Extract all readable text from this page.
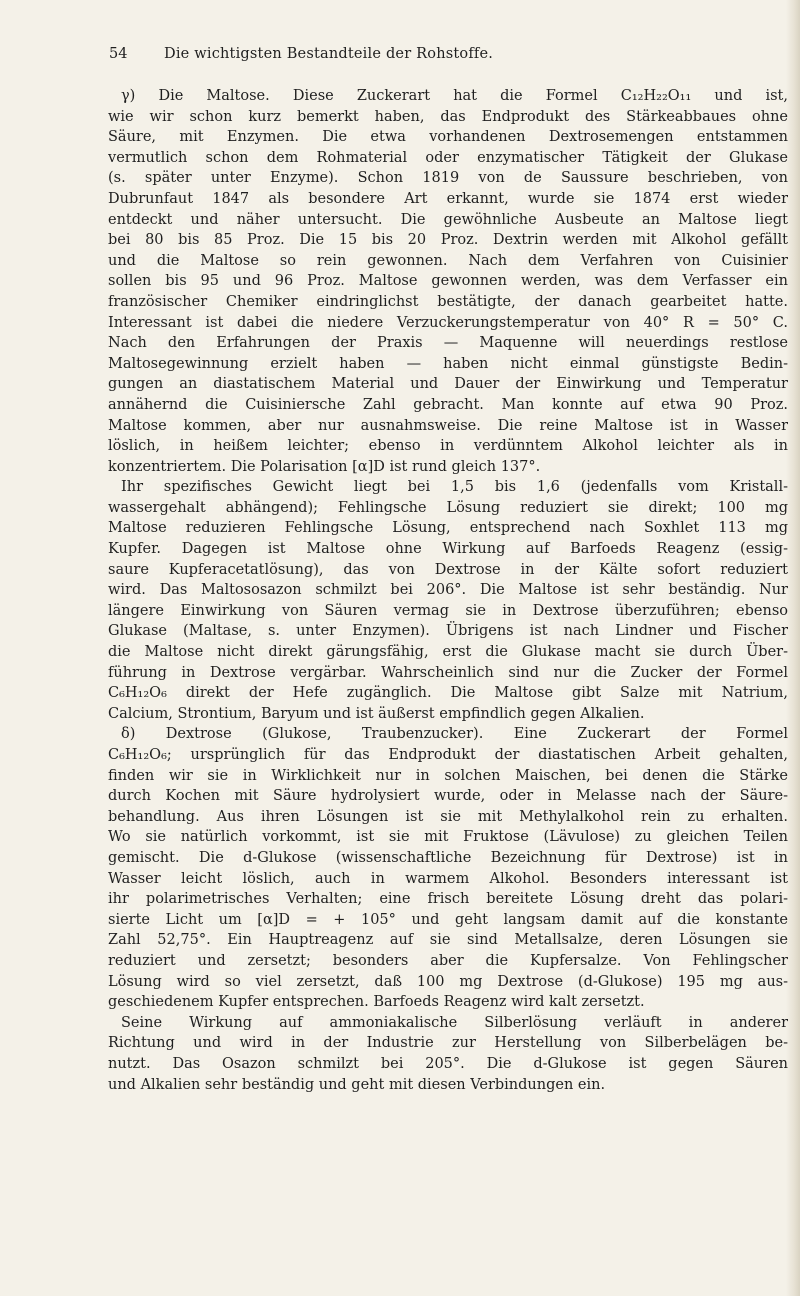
54	Die wichtigsten Bestandteile der Rohstoffe.
γ) Die Maltose. Diese Zuckerart hat die Formel C₁₂H₂₂O₁₁ und ist,
wie wir schon kurz bemerkt haben, das Endprodukt des Stärkeabbaues ohne
Säure, mit Enzymen. Die etwa vorhandenen Dextrosemengen entstammen
vermutlich schon dem Rohmaterial oder enzymatischer Tätigkeit der Glukase
(s. später unter Enzyme). Schon 1819 von de Saussure beschrieben, von
Dubrunfaut 1847 als besondere Art erkannt, wurde sie 1874 erst wieder
entdeckt und näher untersucht. Die gewöhnliche Ausbeute an Maltose liegt
bei 80 bis 85 Proz. Die 15 bis 20 Proz. Dextrin werden mit Alkohol gefällt
und die Maltose so rein gewonnen. Nach dem Verfahren von Cuisinier
sollen bis 95 und 96 Proz. Maltose gewonnen werden, was dem Verfasser ein
französischer Chemiker eindringlichst bestätigte, der danach gearbeitet hatte.
Interessant ist dabei die niedere Verzuckerungstemperatur von 40° R = 50° C.
Nach den Erfahrungen der Praxis — Maquenne will neuerdings restlose
Maltosegewinnung erzielt haben — haben nicht einmal günstigste Bedin-
gungen an diastatischem Material und Dauer der Einwirkung und Temperatur
annähernd die Cuisiniersche Zahl gebracht. Man konnte auf etwa 90 Proz.
Maltose kommen, aber nur ausnahmsweise. Die reine Maltose ist in Wasser
löslich, in heißem leichter; ebenso in verdünntem Alkohol leichter als in
konzentriertem. Die Polarisation [α]D ist rund gleich 137°.
Ihr spezifisches Gewicht liegt bei 1,5 bis 1,6 (jedenfalls vom Kristall-
wassergehalt abhängend); Fehlingsche Lösung reduziert sie direkt; 100 mg
Maltose reduzieren Fehlingsche Lösung, entsprechend nach Soxhlet 113 mg
Kupfer. Dagegen ist Maltose ohne Wirkung auf Barfoeds Reagenz (essig-
saure Kupferacetatlösung), das von Dextrose in der Kälte sofort reduziert
wird. Das Maltososazon schmilzt bei 206°. Die Maltose ist sehr beständig. Nur
längere Einwirkung von Säuren vermag sie in Dextrose überzuführen; ebenso
Glukase (Maltase, s. unter Enzymen). Übrigens ist nach Lindner und Fischer
die Maltose nicht direkt gärungsfähig, erst die Glukase macht sie durch Über-
führung in Dextrose vergärbar. Wahrscheinlich sind nur die Zucker der Formel
C₆H₁₂O₆ direkt der Hefe zugänglich. Die Maltose gibt Salze mit Natrium,
Calcium, Strontium, Baryum und ist äußerst empfindlich gegen Alkalien.
δ) Dextrose (Glukose, Traubenzucker). Eine Zuckerart der Formel
C₆H₁₂O₆; ursprünglich für das Endprodukt der diastatischen Arbeit gehalten,
finden wir sie in Wirklichkeit nur in solchen Maischen, bei denen die Stärke
durch Kochen mit Säure hydrolysiert wurde, oder in Melasse nach der Säure-
behandlung. Aus ihren Lösungen ist sie mit Methylalkohol rein zu erhalten.
Wo sie natürlich vorkommt, ist sie mit Fruktose (Lävulose) zu gleichen Teilen
gemischt. Die d-Glukose (wissenschaftliche Bezeichnung für Dextrose) ist in
Wasser leicht löslich, auch in warmem Alkohol. Besonders interessant ist
ihr polarimetrisches Verhalten; eine frisch bereitete Lösung dreht das polari-
sierte Licht um [α]D = + 105° und geht langsam damit auf die konstante
Zahl 52,75°. Ein Hauptreagenz auf sie sind Metallsalze, deren Lösungen sie
reduziert und zersetzt; besonders aber die Kupfersalze. Von Fehlingscher
Lösung wird so viel zersetzt, daß 100 mg Dextrose (d-Glukose) 195 mg aus-
geschiedenem Kupfer entsprechen. Barfoeds Reagenz wird kalt zersetzt.
Seine Wirkung auf ammoniakalische Silberlösung verläuft in anderer
Richtung und wird in der Industrie zur Herstellung von Silberbelägen be-
nutzt. Das Osazon schmilzt bei 205°. Die d-Glukose ist gegen Säuren
und Alkalien sehr beständig und geht mit diesen Verbindungen ein.
